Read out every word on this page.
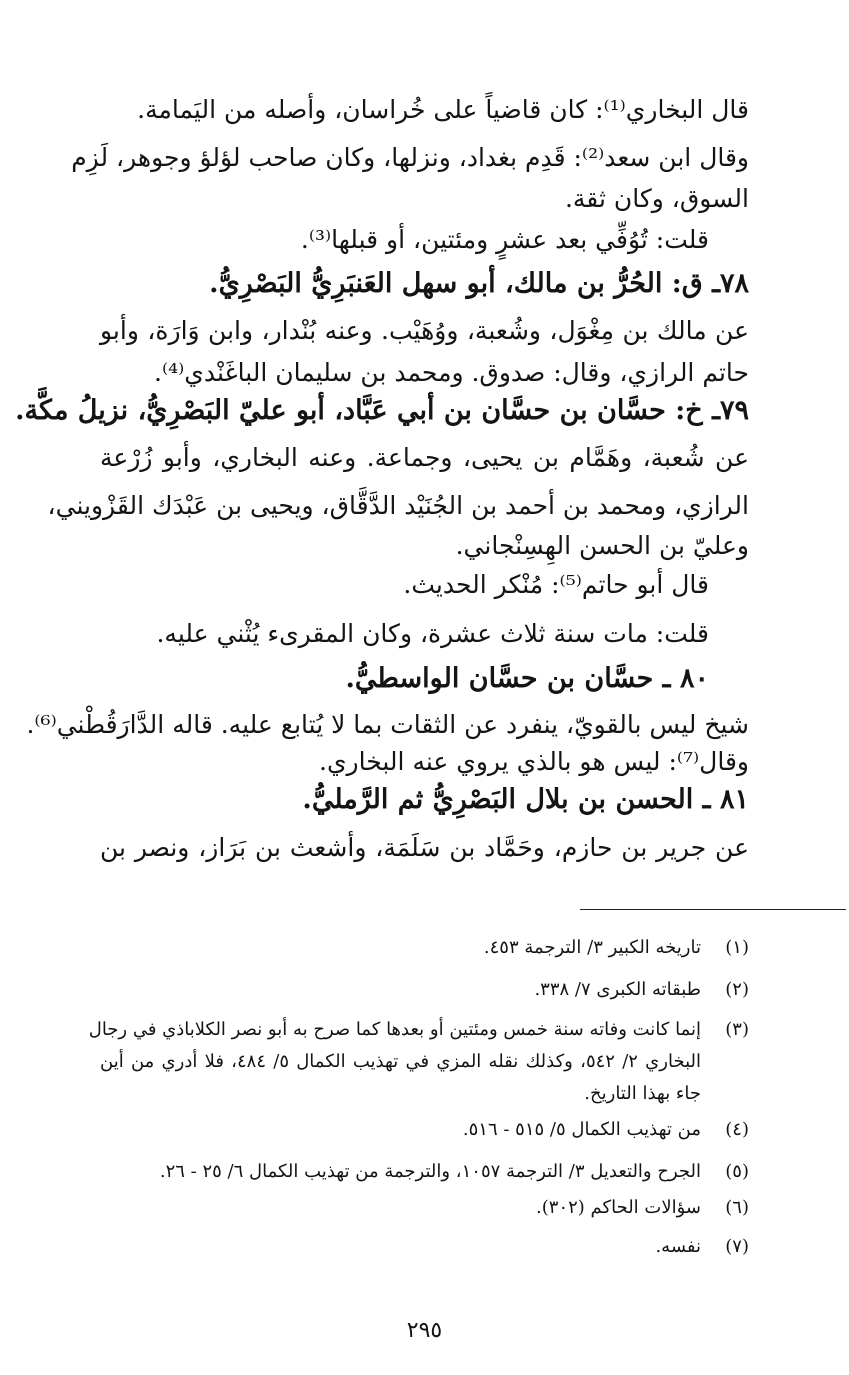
قال البخاري⁽¹⁾: كان قاضياً على خُراسان، وأصله من اليَمامة.
وقال ابن سعد⁽²⁾: قَدِم بغداد، ونزلها، وكان صاحب لؤلؤ وجوهر، لَزِم
السوق، وكان ثقة.
قلت: تُوُفِّي بعد عشرٍ ومئتين، أو قبلها⁽³⁾.
٧٨ـ ق: الحُرُّ بن مالك، أبو سهل العَنبَرِيُّ البَصْرِيُّ.
عن مالك بن مِغْوَل، وشُعبة، ووُهَيْب. وعنه بُنْدار، وابن وَارَة، وأبو
حاتم الرازي، وقال: صدوق. ومحمد بن سليمان الباغَنْدي⁽⁴⁾.
٧٩ـ خ: حسَّان بن حسَّان بن أبي عَبَّاد، أبو عليّ البَصْرِيُّ، نزيلُ مكَّة.
عن شُعبة، وهَمَّام بن يحيى، وجماعة. وعنه البخاري، وأبو زُرْعة
الرازي، ومحمد بن أحمد بن الجُنَيْد الدَّقَّاق، ويحيى بن عَبْدَك القَزْويني،
وعليّ بن الحسن الهِسِنْجاني.
قال أبو حاتم⁽⁵⁾: مُنْكر الحديث.
قلت: مات سنة ثلاث عشرة، وكان المقرىء يُثْني عليه.
٨٠ ـ حسَّان بن حسَّان الواسطيُّ.
شيخ ليس بالقويّ، ينفرد عن الثقات بما لا يُتابع عليه. قاله الدَّارَقُطْني⁽⁶⁾.
وقال⁽⁷⁾: ليس هو بالذي يروي عنه البخاري.
٨١ ـ الحسن بن بلال البَصْرِيُّ ثم الرَّمليُّ.
عن جرير بن حازم، وحَمَّاد بن سَلَمَة، وأشعث بن بَرَاز، ونصر بن
(١)
تاريخه الكبير ٣/ الترجمة ٤٥٣.
(٢)
طبقاته الكبرى ٧/ ٣٣٨.
(٣)
إنما كانت وفاته سنة خمس ومئتين أو بعدها كما صرح به أبو نصر الكلاباذي في رجال
البخاري ٢/ ٥٤٢، وكذلك نقله المزي في تهذيب الكمال ٥/ ٤٨٤، فلا أدري من أين
جاء بهذا التاريخ.
(٤)
من تهذيب الكمال ٥/ ٥١٥ - ٥١٦.
(٥)
الجرح والتعديل ٣/ الترجمة ١٠٥٧، والترجمة من تهذيب الكمال ٦/ ٢٥ - ٢٦.
(٦)
سؤالات الحاكم (٣٠٢).
(٧)
نفسه.
٢٩٥
